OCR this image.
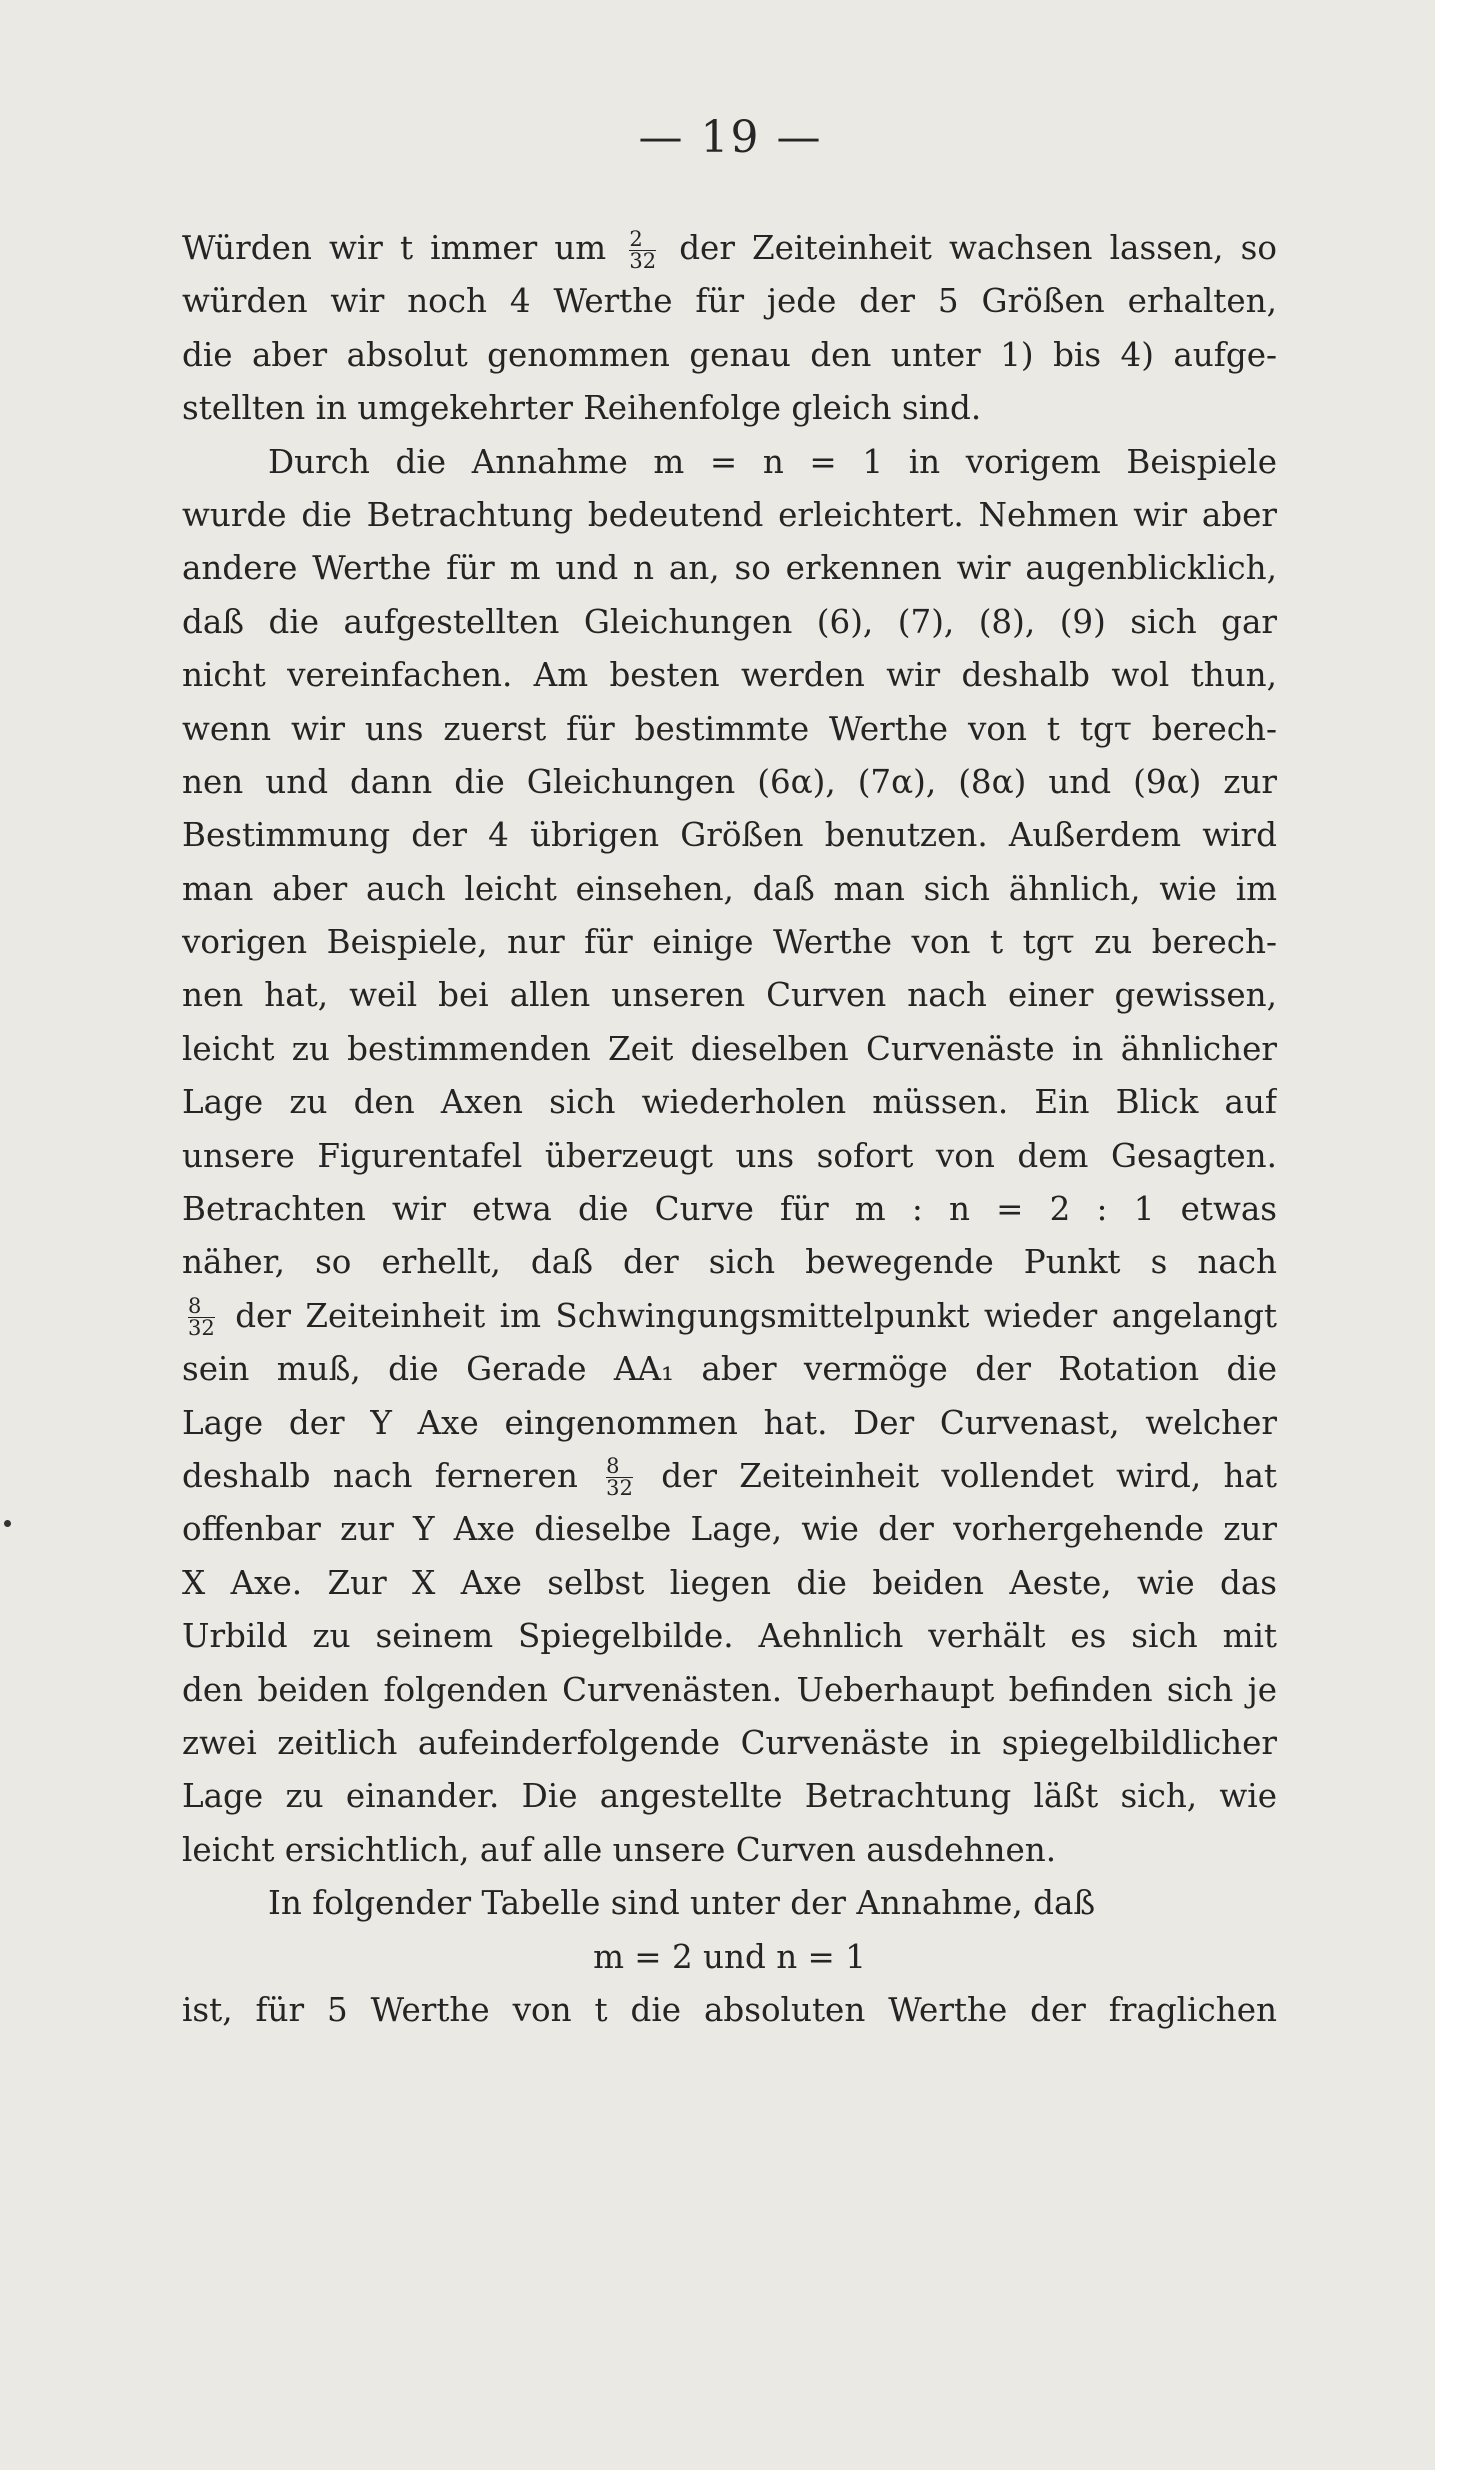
— 19 —
Würden wir t immer um $\frac{2}{32}$ der Zeiteinheit wachsen lassen, so
würden wir noch 4 Werthe für jede der 5 Größen erhalten,
die aber absolut genommen genau den unter 1) bis 4) aufge-
stellten in umgekehrter Reihenfolge gleich sind.
Durch die Annahme m = n = 1 in vorigem Beispiele
wurde die Betrachtung bedeutend erleichtert. Nehmen wir aber
andere Werthe für m und n an, so erkennen wir augenblicklich,
daß die aufgestellten Gleichungen (6), (7), (8), (9) sich gar
nicht vereinfachen. Am besten werden wir deshalb wol thun,
wenn wir uns zuerst für bestimmte Werthe von t tgτ berech-
nen und dann die Gleichungen (6α), (7α), (8α) und (9α) zur
Bestimmung der 4 übrigen Größen benutzen. Außerdem wird
man aber auch leicht einsehen, daß man sich ähnlich, wie im
vorigen Beispiele, nur für einige Werthe von t tgτ zu berech-
nen hat, weil bei allen unseren Curven nach einer gewissen,
leicht zu bestimmenden Zeit dieselben Curvenäste in ähnlicher
Lage zu den Axen sich wiederholen müssen. Ein Blick auf
unsere Figurentafel überzeugt uns sofort von dem Gesagten.
Betrachten wir etwa die Curve für m : n = 2 : 1 etwas
näher, so erhellt, daß der sich bewegende Punkt s nach
$\frac{8}{32}$ der Zeiteinheit im Schwingungsmittelpunkt wieder angelangt
sein muß, die Gerade AA₁ aber vermöge der Rotation die
Lage der Y Axe eingenommen hat. Der Curvenast, welcher
deshalb nach ferneren $\frac{8}{32}$ der Zeiteinheit vollendet wird, hat
offenbar zur Y Axe dieselbe Lage, wie der vorhergehende zur
X Axe. Zur X Axe selbst liegen die beiden Aeste, wie das
Urbild zu seinem Spiegelbilde. Aehnlich verhält es sich mit
den beiden folgenden Curvenästen. Ueberhaupt befinden sich je
zwei zeitlich aufeinderfolgende Curvenäste in spiegelbildlicher
Lage zu einander. Die angestellte Betrachtung läßt sich, wie
leicht ersichtlich, auf alle unsere Curven ausdehnen.
In folgender Tabelle sind unter der Annahme, daß
m = 2 und n = 1
ist, für 5 Werthe von t die absoluten Werthe der fraglichen
